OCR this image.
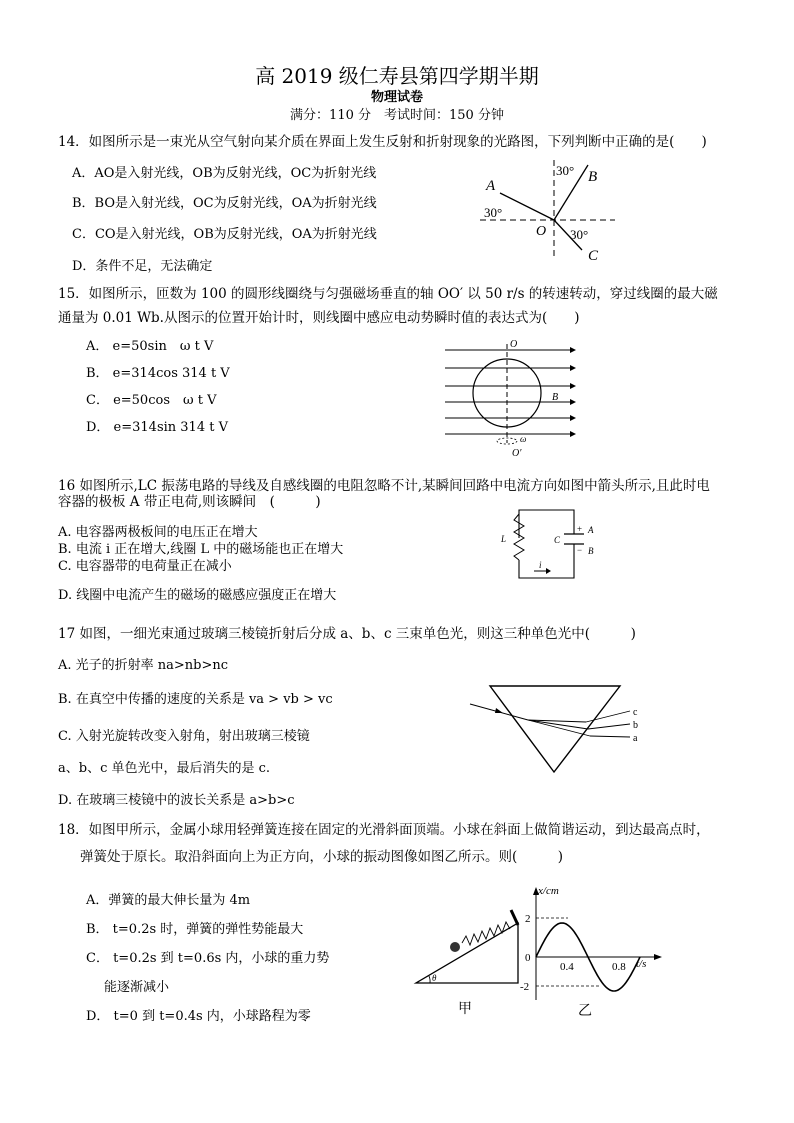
高 2019 级仁寿县第四学期半期
物理试卷
满分：110 分　考试时间：150 分钟
14．如图所示是一束光从空气射向某介质在界面上发生反射和折射现象的光路图，下列判断中正确的是(　　)
A．AO是入射光线，OB为反射光线，OC为折射光线
B．BO是入射光线，OC为反射光线，OA为折射光线
C．CO是入射光线，OB为反射光线，OA为折射光线
D．条件不足，无法确定
A
B
C
O
30°
30°
30°
15．如图所示，匝数为 100 的圆形线圈绕与匀强磁场垂直的轴 OO′ 以 50 r/s 的转速转动，穿过线圈的最大磁
通量为 0.01 Wb.从图示的位置开始计时，则线圈中感应电动势瞬时值的表达式为(　　)
A． e=50sin　ω t V
B． e=314cos 314 t V
C． e=50cos　ω t V
D． e=314sin 314 t V
O
O′
B
ω
16 如图所示,LC 振荡电路的导线及自感线圈的电阻忽略不计,某瞬间回路中电流方向如图中箭头所示,且此时电
容器的极板 A 带正电荷,则该瞬间　(　　　)
A. 电容器两极板间的电压正在增大
B. 电流 i 正在增大,线圈 L 中的磁场能也正在增大
C. 电容器带的电荷量正在减小
D. 线圈中电流产生的磁场的磁感应强度正在增大
L	C
A
B
+
−
i
17 如图，一细光束通过玻璃三棱镜折射后分成 a、b、c 三束单色光，则这三种单色光中(　　　)
A. 光子的折射率 na>nb>nc
B. 在真空中传播的速度的关系是 va > vb > vc
C. 入射光旋转改变入射角，射出玻璃三棱镜
a、b、c 单色光中，最后消失的是 c.
D. 在玻璃三棱镜中的波长关系是 a>b>c
c
b
a
18．如图甲所示，金属小球用轻弹簧连接在固定的光滑斜面顶端。小球在斜面上做简谐运动，到达最高点时，
弹簧处于原长。取沿斜面向上为正方向，小球的振动图像如图乙所示。则(　　　)
A．弹簧的最大伸长量为 4m
B． t=0.2s 时，弹簧的弹性势能最大
C． t=0.2s 到 t=0.6s 内，小球的重力势
能逐渐减小
D． t=0 到 t=0.4s 内，小球路程为零
θ
甲
x/cm
t/s
2
0
-2
0.4	0.8
乙
